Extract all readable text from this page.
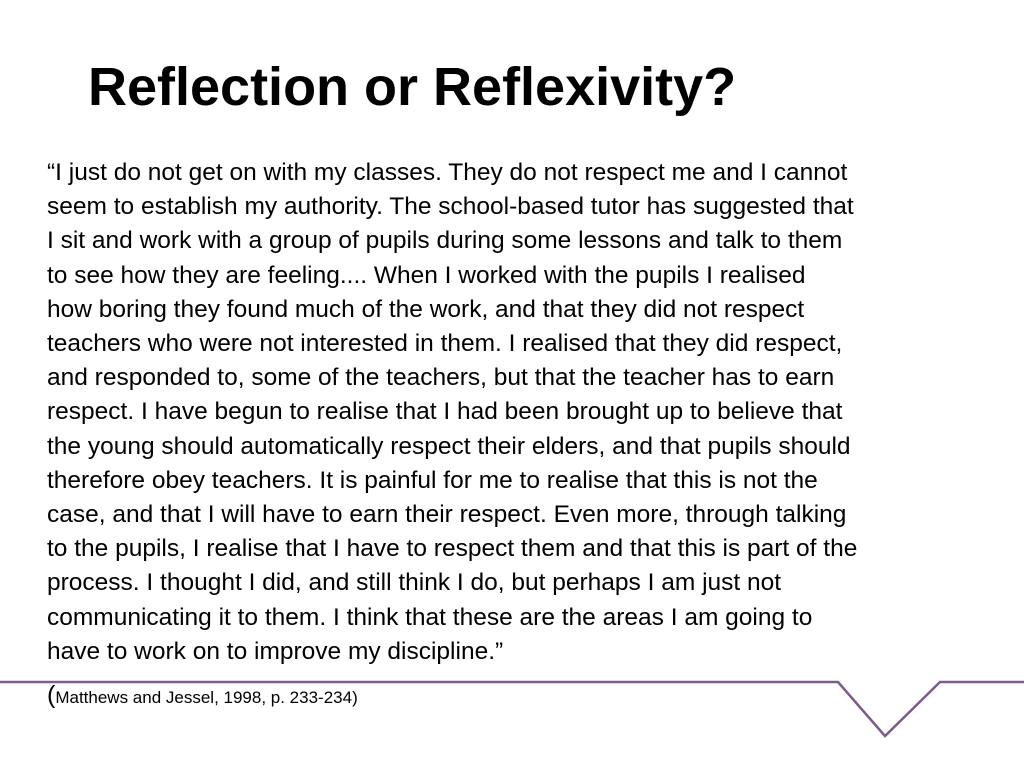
Reflection or Reflexivity?

“I just do not get on with my classes. They do not respect me and I cannot
seem to establish my authority. The school-based tutor has suggested that
I sit and work with a group of pupils during some lessons and talk to them
to see how they are feeling.... When I worked with the pupils I realised
how boring they found much of the work, and that they did not respect
teachers who were not interested in them. I realised that they did respect,
and responded to, some of the teachers, but that the teacher has to earn
respect. I have begun to realise that I had been brought up to believe that
the young should automatically respect their elders, and that pupils should
therefore obey teachers. It is painful for me to realise that this is not the
case, and that I will have to earn their respect. Even more, through talking
to the pupils, I realise that I have to respect them and that this is part of the
process. I thought I did, and still think I do, but perhaps I am just not
communicating it to them. I think that these are the areas I am going to
have to work on to improve my discipline.”

(Matthews and Jessel, 1998, p. 233-234)
